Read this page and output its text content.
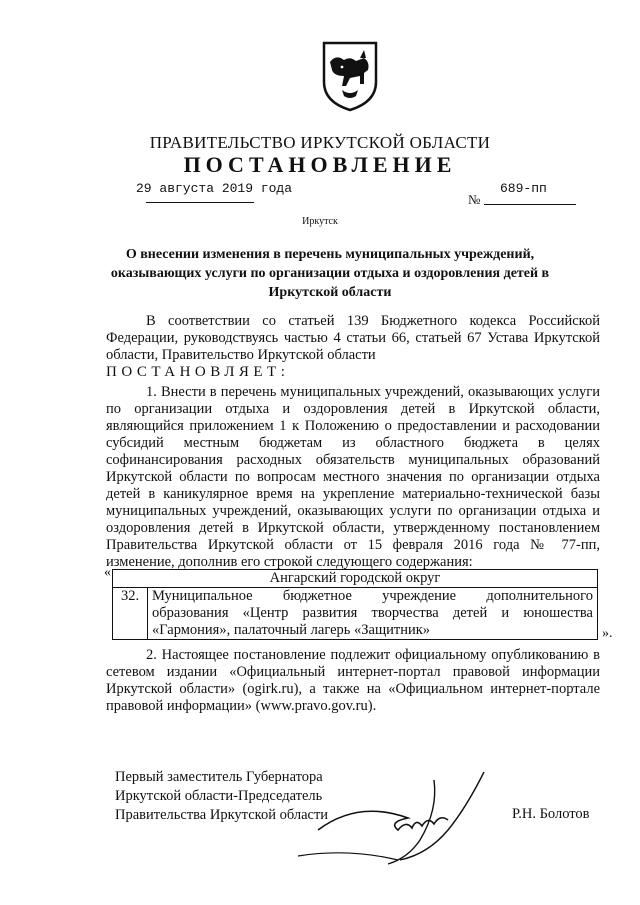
ПРАВИТЕЛЬСТВО ИРКУТСКОЙ ОБЛАСТИ
ПОСТАНОВЛЕНИЕ
29 августа 2019 года
№
689-пп
Иркутск
О внесении изменения в перечень муниципальных учреждений, оказывающих услуги по организации отдыха и оздоровления детей в Иркутской области
В соответствии со статьей 139 Бюджетного кодекса Российской Федерации, руководствуясь частью 4 статьи 66, статьей 67 Устава Иркутской области, Правительство Иркутской области
ПОСТАНОВЛЯЕТ:
1. Внести в перечень муниципальных учреждений, оказывающих услуги по организации отдыха и оздоровления детей в Иркутской области, являющийся приложением 1 к Положению о предоставлении и расходовании субсидий местным бюджетам из областного бюджета в целях софинансирования расходных обязательств муниципальных образований Иркутской области по вопросам местного значения по организации отдыха детей в каникулярное время на укрепление материально-технической базы муниципальных учреждений, оказывающих услуги по организации отдыха и оздоровления детей в Иркутской области, утвержденному постановлением Правительства Иркутской области от 15 февраля 2016 года № 77-пп, изменение, дополнив его строкой следующего содержания:
«	Ангарский городской округ
32.	Муниципальное бюджетное учреждение дополнительного образования «Центр развития творчества детей и юношества «Гармония», палаточный лагерь «Защитник»	».
2. Настоящее постановление подлежит официальному опубликованию в сетевом издании «Официальный интернет-портал правовой информации Иркутской области» (ogirk.ru), а также на «Официальном интернет-портале правовой информации» (www.pravo.gov.ru).
Первый заместитель Губернатора
Иркутской области-Председатель
Правительства Иркутской области	Р.Н. Болотов
